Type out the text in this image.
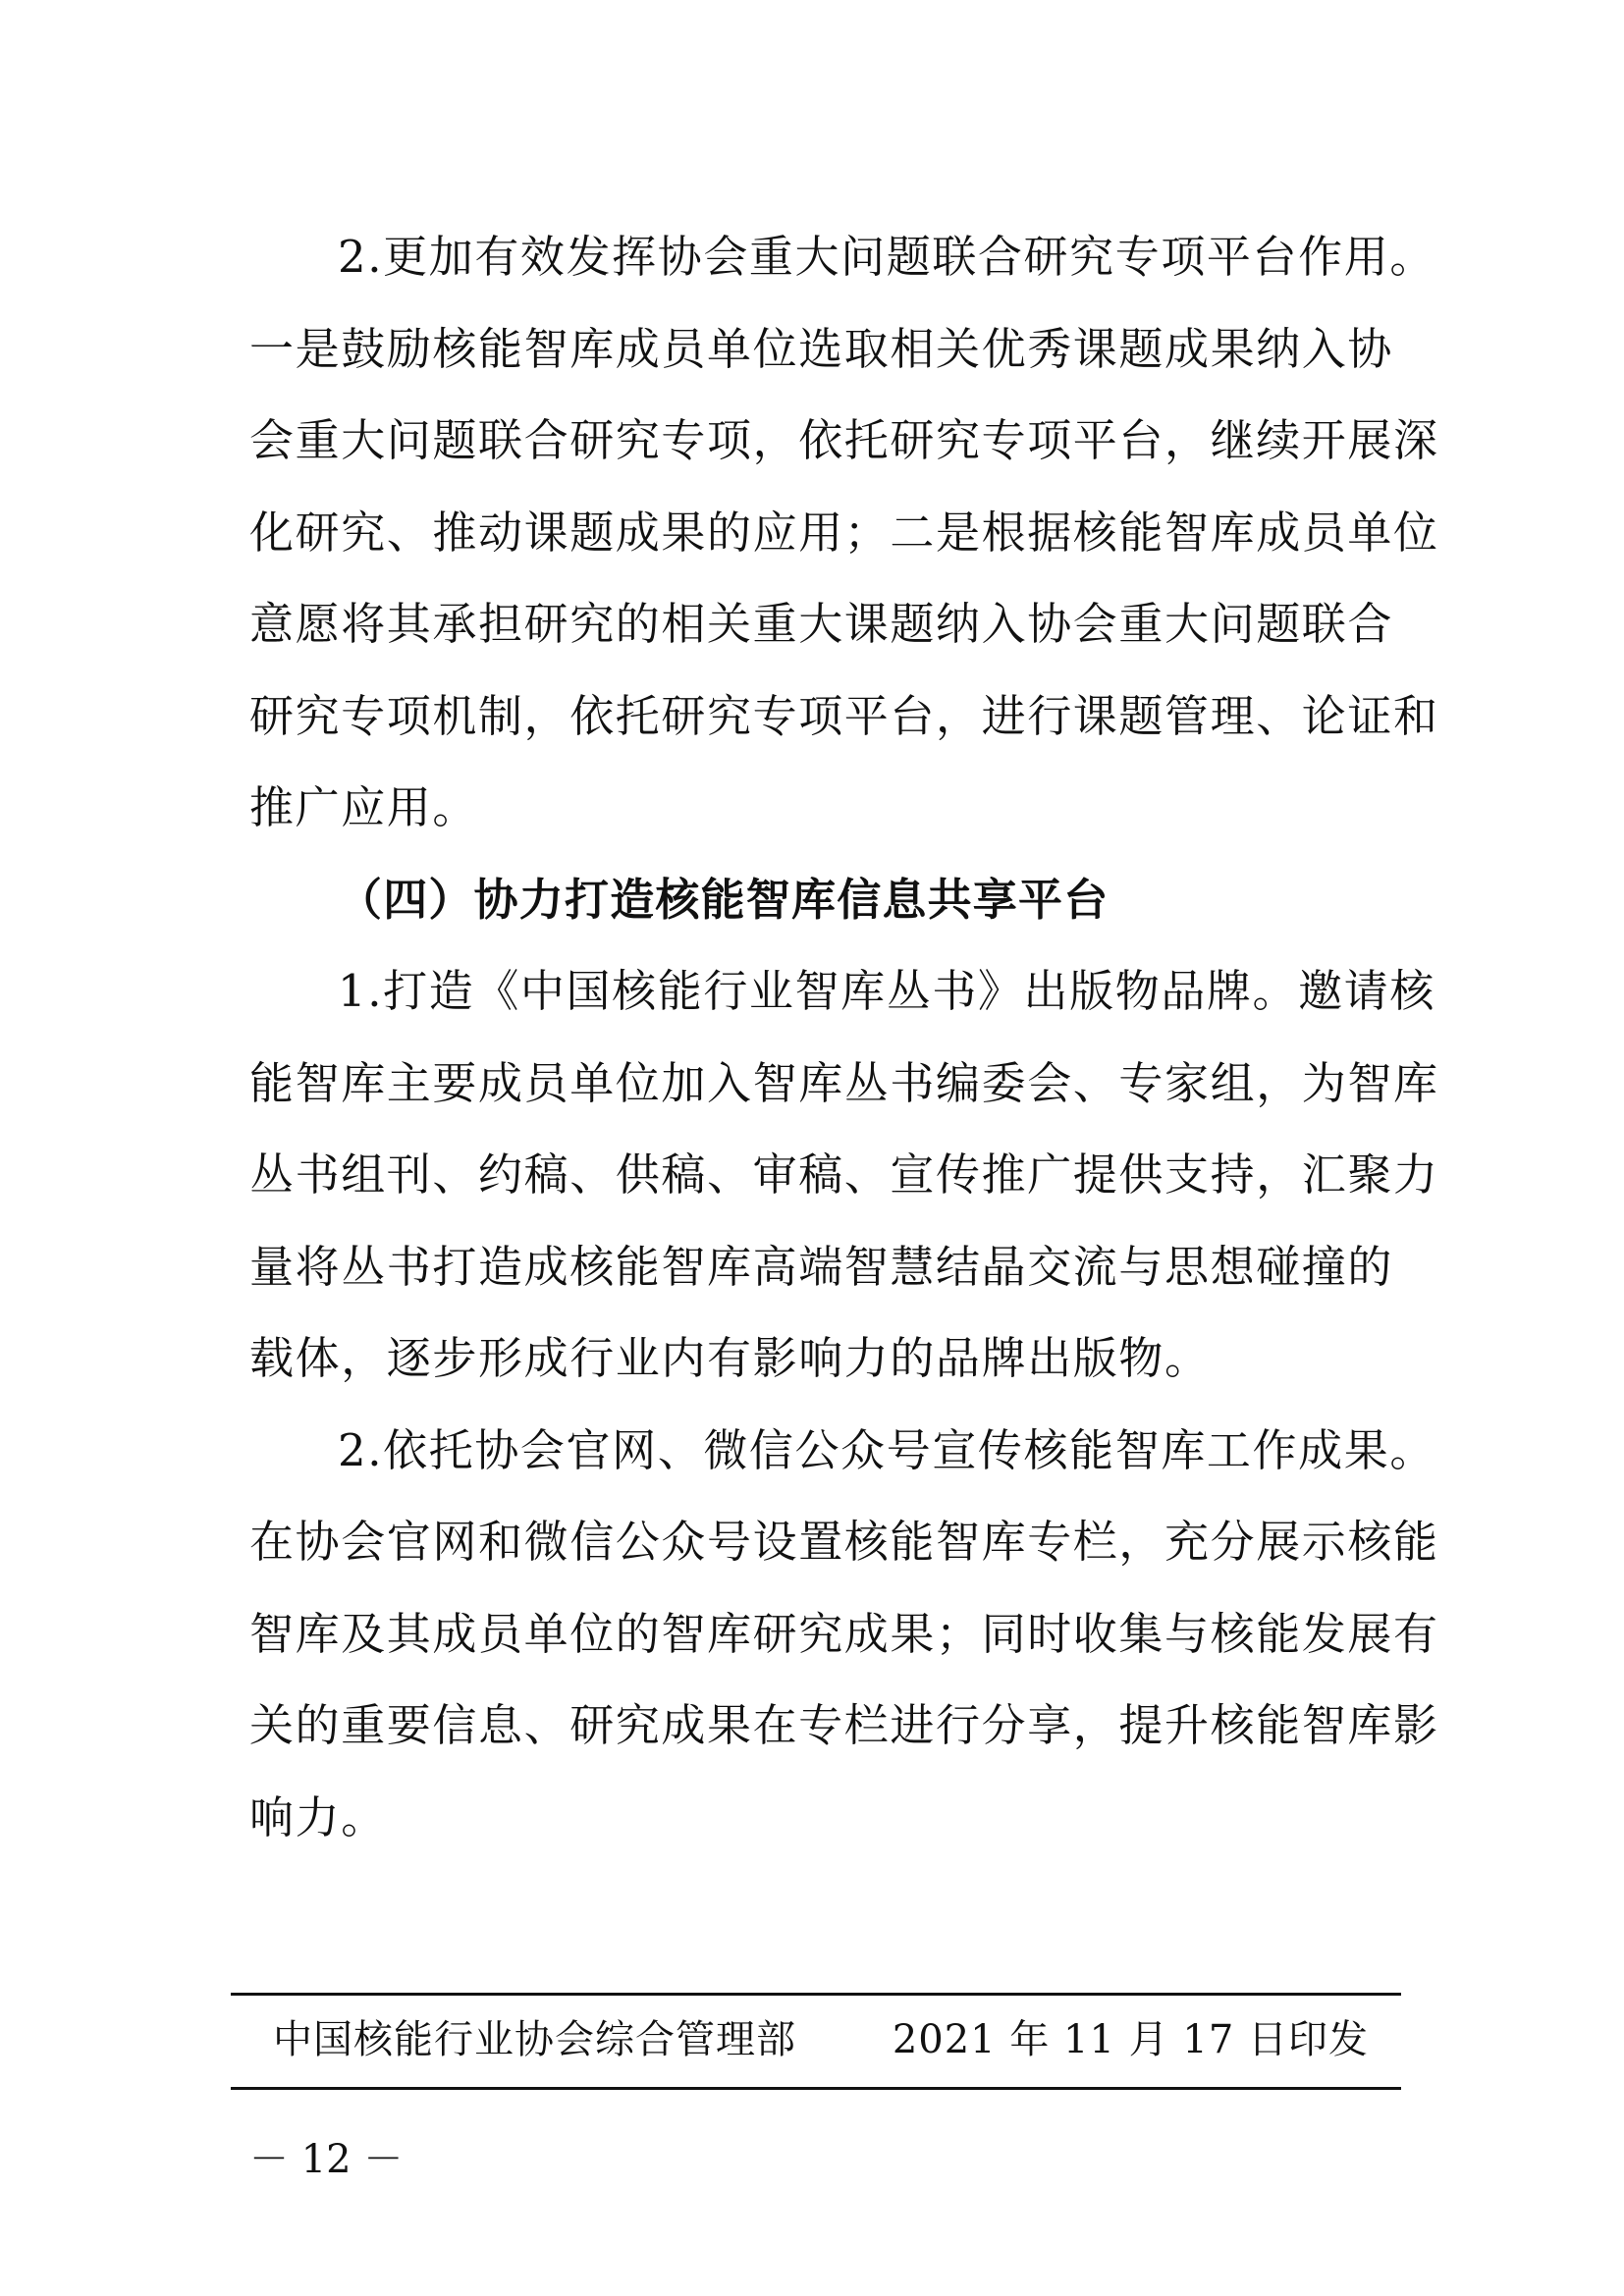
2.更加有效发挥协会重大问题联合研究专项平台作用。
一是鼓励核能智库成员单位选取相关优秀课题成果纳入协
会重大问题联合研究专项，依托研究专项平台，继续开展深
化研究、推动课题成果的应用；二是根据核能智库成员单位
意愿将其承担研究的相关重大课题纳入协会重大问题联合
研究专项机制，依托研究专项平台，进行课题管理、论证和
推广应用。
（四）协力打造核能智库信息共享平台
1.打造《中国核能行业智库丛书》出版物品牌。邀请核
能智库主要成员单位加入智库丛书编委会、专家组，为智库
丛书组刊、约稿、供稿、审稿、宣传推广提供支持，汇聚力
量将丛书打造成核能智库高端智慧结晶交流与思想碰撞的
载体，逐步形成行业内有影响力的品牌出版物。
2.依托协会官网、微信公众号宣传核能智库工作成果。
在协会官网和微信公众号设置核能智库专栏，充分展示核能
智库及其成员单位的智库研究成果；同时收集与核能发展有
关的重要信息、研究成果在专栏进行分享，提升核能智库影
响力。
中国核能行业协会综合管理部 2021 年 11 月 17 日印发
－ 12 －
